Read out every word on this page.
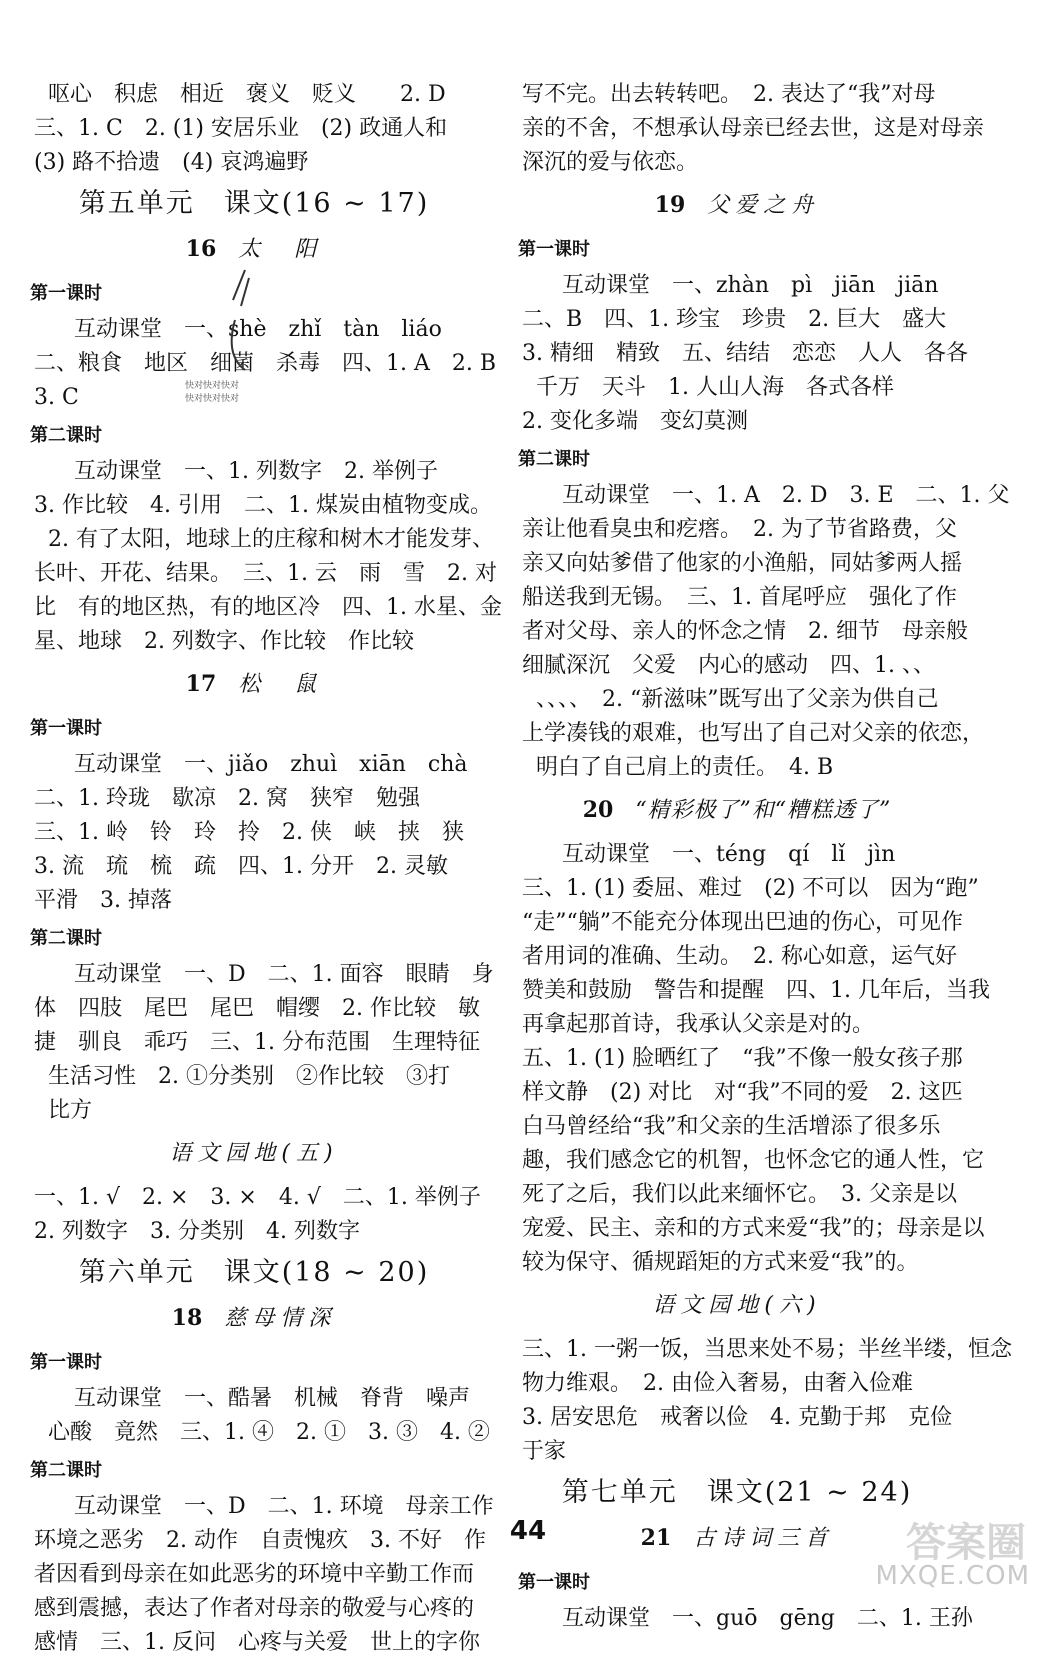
呕心　积虑　相近　褒义　贬义　　2. D

三、1. C　2. (1) 安居乐业　(2) 政通人和

(3) 路不拾遗　(4) 哀鸿遍野

第五单元　课文(16 ~ 17)
16 太　阳
第一课时

互动课堂　一、shè　zhǐ　tàn　liáo

二、粮食　地区　细菌　杀毒　四、1. A　2. B

3. C

第二课时

互动课堂　一、1. 列数字　2. 举例子

3. 作比较　4. 引用　二、1. 煤炭由植物变成。

2. 有了太阳，地球上的庄稼和树木才能发芽、

长叶、开花、结果。　三、1. 云　雨　雪　2. 对

比　有的地区热，有的地区冷　四、1. 水星、金

星、地球　2. 列数字、作比较　作比较

17 松　鼠
第一课时

互动课堂　一、jiǎo　zhuì　xiān　chà

二、1. 玲珑　歇凉　2. 窝　狭窄　勉强

三、1. 岭　铃　玲　拎　2. 侠　峡　挟　狭

3. 流　琉　梳　疏　四、1. 分开　2. 灵敏

平滑　3. 掉落

第二课时

互动课堂　一、D　二、1. 面容　眼睛　身

体　四肢　尾巴　尾巴　帽缨　2. 作比较　敏

捷　驯良　乖巧　三、1. 分布范围　生理特征

生活习性　2. ①分类别　②作比较　③打

比方

语文园地(五)

一、1. √　2. ×　3. ×　4. √　二、1. 举例子

2. 列数字　3. 分类别　4. 列数字

第六单元　课文(18 ~ 20)
18 慈母情深
第一课时

互动课堂　一、酷暑　机械　脊背　噪声

心酸　竟然　三、1. ④　2. ①　3. ③　4. ②

第二课时

互动课堂　一、D　二、1. 环境　母亲工作

环境之恶劣　2. 动作　自责愧疚　3. 不好　作

者因看到母亲在如此恶劣的环境中辛勤工作而

感到震撼，表达了作者对母亲的敬爱与心疼的

感情　三、1. 反问　心疼与关爱　世上的字你

快对快对快对
快对快对快对

写不完。出去转转吧。　2. 表达了“我”对母

亲的不舍，不想承认母亲已经去世，这是对母亲

深沉的爱与依恋。

19 父爱之舟
第一课时

互动课堂　一、zhàn　pì　jiān　jiān

二、B　四、1. 珍宝　珍贵　2. 巨大　盛大

3. 精细　精致　五、结结　恋恋　人人　各各

千万　天斗　1. 人山人海　各式各样

2. 变化多端　变幻莫测

第二课时

互动课堂　一、1. A　2. D　3. E　二、1. 父

亲让他看臭虫和疙瘩。　2. 为了节省路费，父

亲又向姑爹借了他家的小渔船，同姑爹两人摇

船送我到无锡。　三、1. 首尾呼应　强化了作

者对父母、亲人的怀念之情　2. 细节　母亲般

细腻深沉　父爱　内心的感动　四、1. 、、

、、、、　2. “新滋味”既写出了父亲为供自己

上学凑钱的艰难，也写出了自己对父亲的依恋，

明白了自己肩上的责任。　4. B

20 “精彩极了”和“糟糕透了”

互动课堂　一、téng　qí　lǐ　jìn

三、1. (1) 委屈、难过　(2) 不可以　因为“跑”

“走”“躺”不能充分体现出巴迪的伤心，可见作

者用词的准确、生动。　2. 称心如意，运气好

赞美和鼓励　警告和提醒　四、1. 几年后，当我

再拿起那首诗，我承认父亲是对的。

五、1. (1) 脸晒红了　“我”不像一般女孩子那

样文静　(2) 对比　对“我”不同的爱　2. 这匹

白马曾经给“我”和父亲的生活增添了很多乐

趣，我们感念它的机智，也怀念它的通人性，它

死了之后，我们以此来缅怀它。　3. 父亲是以

宠爱、民主、亲和的方式来爱“我”的；母亲是以

较为保守、循规蹈矩的方式来爱“我”的。

语文园地(六)

三、1. 一粥一饭，当思来处不易；半丝半缕，恒念

物力维艰。　2. 由俭入奢易，由奢入俭难

3. 居安思危　戒奢以俭　4. 克勤于邦　克俭

于家

第七单元　课文(21 ~ 24)
21 古诗词三首
第一课时

互动课堂　一、guō　gēng　二、1. 王孙

44	答案圈
MXQE.COM
